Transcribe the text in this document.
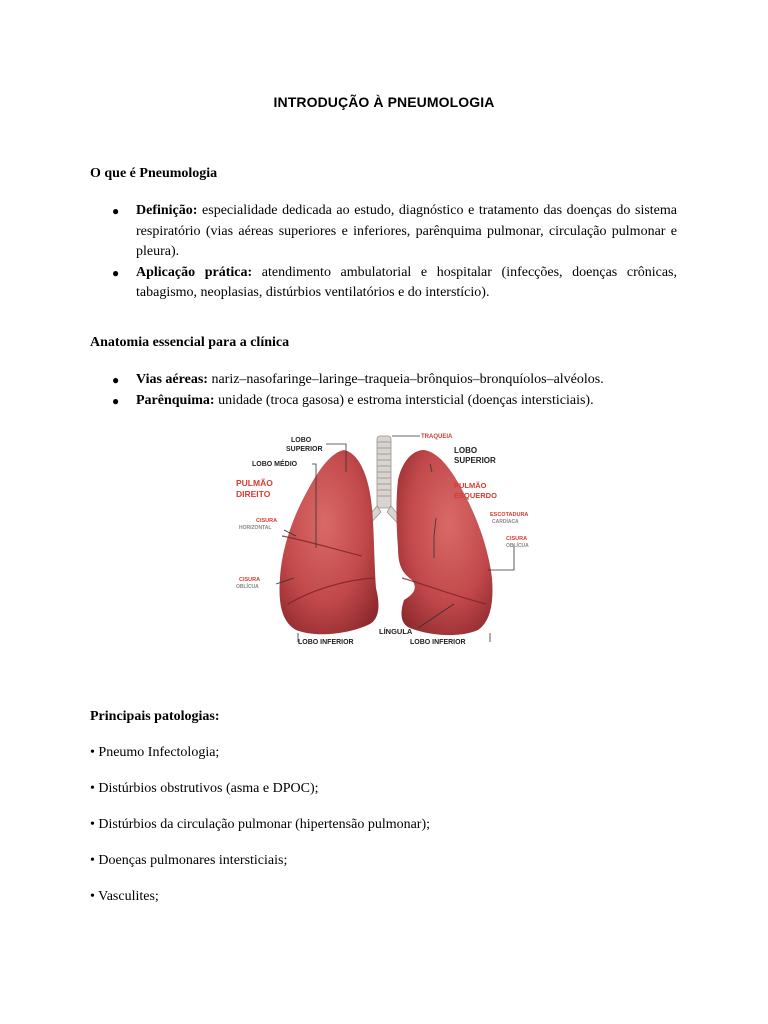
INTRODUÇÃO À PNEUMOLOGIA
O que é Pneumologia
● Definição: especialidade dedicada ao estudo, diagnóstico e tratamento das doenças do sistema respiratório (vias aéreas superiores e inferiores, parênquima pulmonar, circulação pulmonar e pleura).
● Aplicação prática: atendimento ambulatorial e hospitalar (infecções, doenças crônicas, tabagismo, neoplasias, distúrbios ventilatórios e do interstício).
Anatomia essencial para a clínica
● Vias aéreas: nariz–nasofaringe–laringe–traqueia–brônquios–bronquíolos–alvéolos.
● Parênquima: unidade (troca gasosa) e estroma intersticial (doenças intersticiais).
LOBO
SUPERIOR
LOBO MÉDIO
PULMÃO
DIREITO
CISURA
HORIZONTAL
CISURA
OBLÍCUA
LOBO INFERIOR
TRAQUEIA
LOBO
SUPERIOR
PULMÃO
ESQUERDO
ESCOTADURA
CARDÍACA
CISURA
OBLÍCUA
LÍNGULA
LOBO INFERIOR
Principais patologias:
• Pneumo Infectologia;
• Distúrbios obstrutivos (asma e DPOC);
• Distúrbios da circulação pulmonar (hipertensão pulmonar);
• Doenças pulmonares intersticiais;
• Vasculites;
